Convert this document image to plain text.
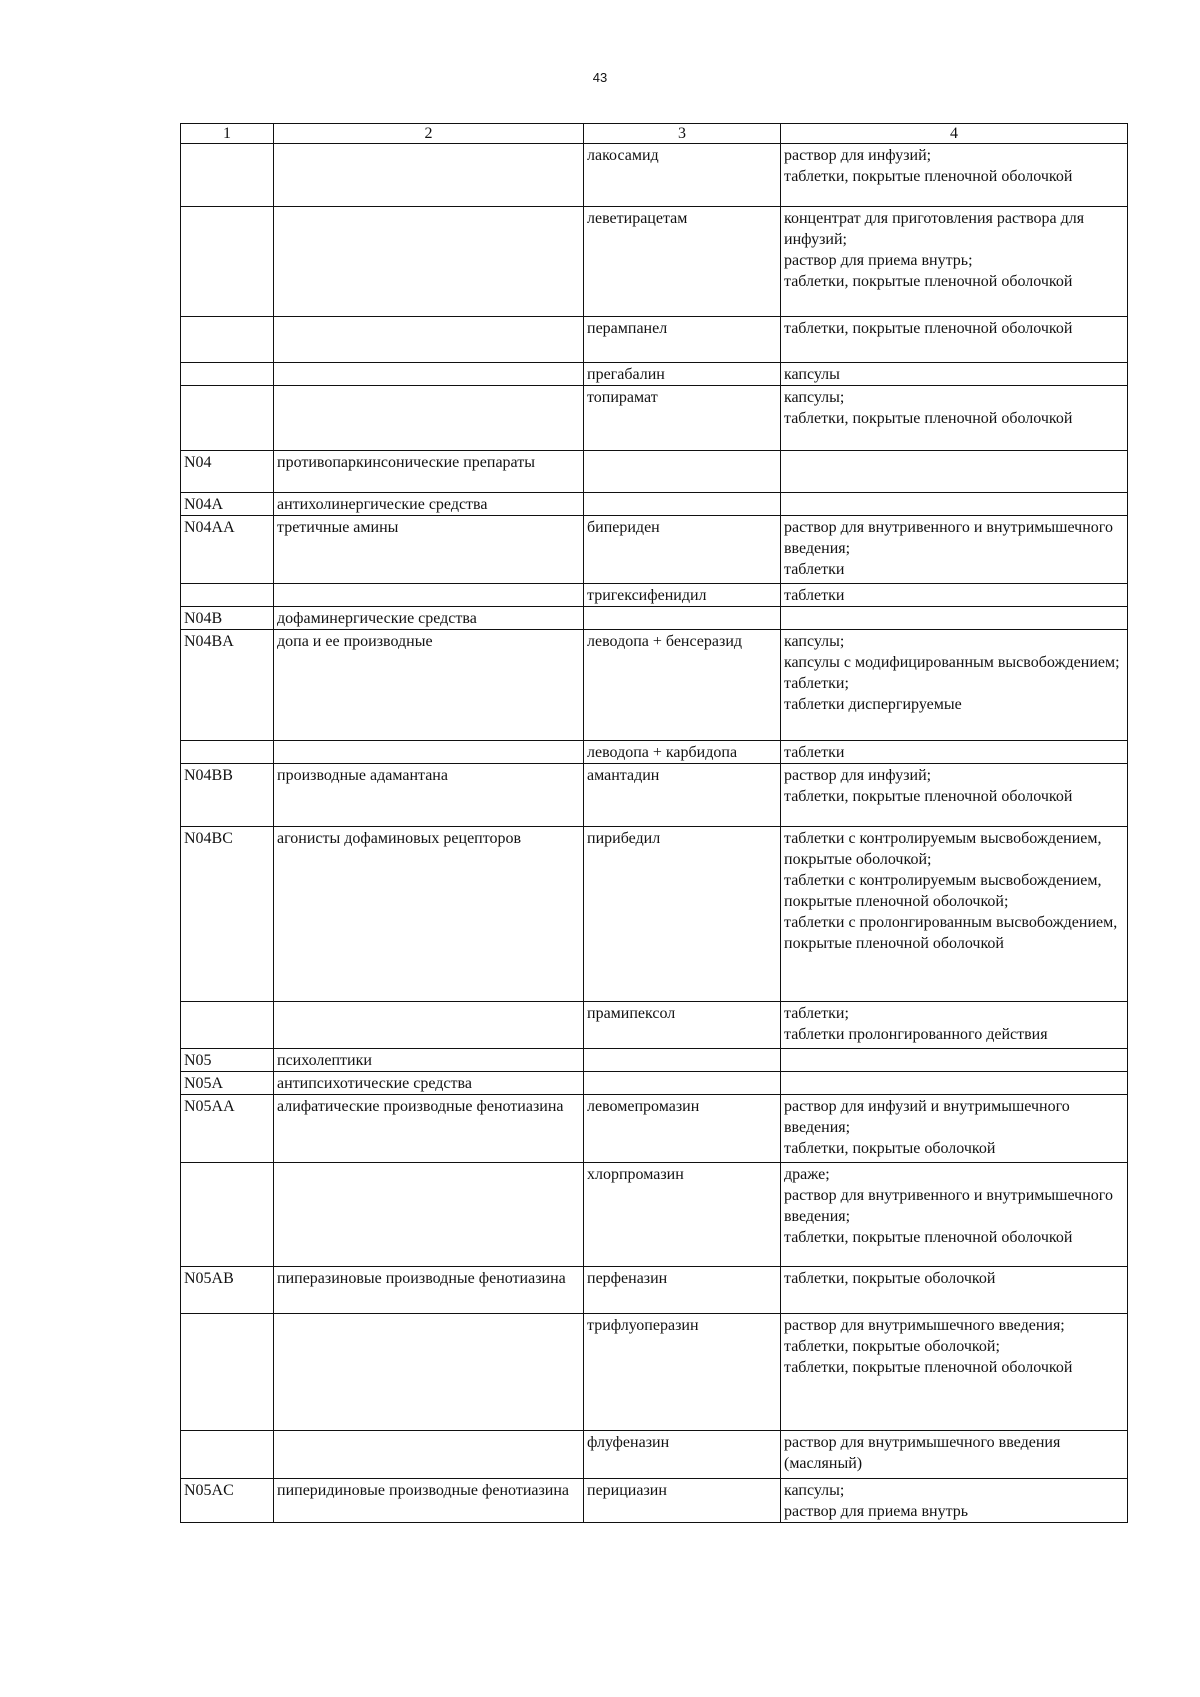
43
1	2	3	4
		лакосамид	раствор для инфузий;
таблетки, покрытые пленочной оболочкой
		леветирацетам	концентрат для приготовления раствора для инфузий;
раствор для приема внутрь;
таблетки, покрытые пленочной оболочкой
		перампанел	таблетки, покрытые пленочной оболочкой
		прегабалин	капсулы
		топирамат	капсулы;
таблетки, покрытые пленочной оболочкой
N04	противопаркинсонические препараты		
N04A	антихолинергические средства		
N04AA	третичные амины	бипериден	раствор для внутривенного и внутримышечного введения;
таблетки
		тригексифенидил	таблетки
N04B	дофаминергические средства		
N04BA	допа и ее производные	леводопа + бенсеразид	капсулы;
капсулы с модифицированным высвобождением;
таблетки;
таблетки диспергируемые
		леводопа + карбидопа	таблетки
N04BB	производные адамантана	амантадин	раствор для инфузий;
таблетки, покрытые пленочной оболочкой
N04BC	агонисты дофаминовых рецепторов	пирибедил	таблетки с контролируемым высвобождением, покрытые оболочкой;
таблетки с контролируемым высвобождением, покрытые пленочной оболочкой;
таблетки с пролонгированным высвобождением, покрытые пленочной оболочкой
		прамипексол	таблетки;
таблетки пролонгированного действия
N05	психолептики		
N05A	антипсихотические средства		
N05AA	алифатические производные фенотиазина	левомепромазин	раствор для инфузий и внутримышечного введения;
таблетки, покрытые оболочкой
		хлорпромазин	драже;
раствор для внутривенного и внутримышечного введения;
таблетки, покрытые пленочной оболочкой
N05AB	пиперазиновые производные фенотиазина	перфеназин	таблетки, покрытые оболочкой
		трифлуоперазин	раствор для внутримышечного введения;
таблетки, покрытые оболочкой;
таблетки, покрытые пленочной оболочкой
		флуфеназин	раствор для внутримышечного введения (масляный)
N05AC	пиперидиновые производные фенотиазина	перициазин	капсулы;
раствор для приема внутрь
